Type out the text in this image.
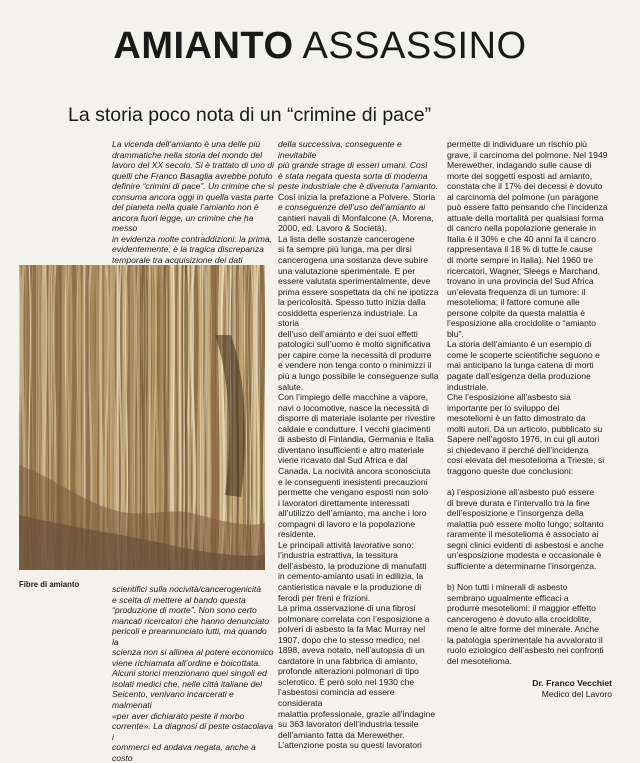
AMIANTO ASSASSINO
La storia poco nota di un “crimine di pace”

La vicenda dell’amianto è una delle più

drammatiche nella storia del mondo del

lavoro del XX secolo. Si è trattato di uno di

quelli che Franco Basaglia avrebbe potuto

definire “crimini di pace”. Un crimine che si

consuma ancora oggi in quella vasta parte

del pianeta nella quale l’amianto non è

ancora fuori legge, un crimine che ha messo

in evidenza molte contraddizioni: la prima,

evidentemente, è la tragica discrepanza

temporale tra acquisizione dei dati

Fibre di amianto	scientifici sulla nocività/cancerogenicità

e scelta di mettere al bando questa

“produzione di morte”. Non sono certo

mancati ricercatori che hanno denunciato

pericoli e preannunciato lutti, ma quando la

scienza non si allinea al potere economico

viene richiamata all’ordine e boicottata.

Alcuni storici menzionano quei singoli ed

isolati medici che, nelle città italiane del

Seicento, venivano incarcerati e malmenati

«per aver dichiarato peste il morbo

corrente». La diagnosi di peste ostacolava i

commerci ed andava negata, anche a costo

della successiva, conseguente e inevitabile

più grande strage di esseri umani. Così

è stata negata questa sorta di moderna

peste industriale che è divenuta l’amianto.

Così inizia la prefazione a Polvere. Storia

e conseguenze dell’uso dell’amianto ai

cantieri navali di Monfalcone (A. Morena,

2000, ed. Lavoro & Società).

La lista delle sostanze cancerogene

si fa sempre più lunga, ma per dirsi

cancerogena una sostanza deve subire

una valutazione sperimentale. E per

essere valutata sperimentalmente, deve

prima essere sospettata da chi ne ipotizza

la pericolosità. Spesso tutto inizia dalla

cosiddetta esperienza industriale. La storia

dell’uso dell’amianto e dei suoi effetti

patologici sull’uomo è molto significativa

per capire come la necessità di produrre

e vendere non tenga conto o minimizzi il

più a lungo possibile le conseguenze sulla

salute.

Con l’impiego delle macchine a vapore,

navi o locomotive, nasce la necessità di

disporre di materiale isolante per rivestire

caldaie e condutture. I vecchi giacimenti

di asbesto di Finlandia, Germania e Italia

diventano insufficienti e altro materiale

viene ricavato dal Sud Africa e dal

Canada. La nocività ancora sconosciuta

e le conseguenti inesistenti precauzioni

permette che vengano esposti non solo

i lavoratori direttamente interessati

all’utilizzo dell’amianto, ma anche i loro

compagni di lavoro e la popolazione

residente.

Le principali attività lavorative sono:

l’industria estrattiva, la tessitura

dell’asbesto, la produzione di manufatti

in cemento-amianto usati in edilizia, la

cantieristica navale e la produzione di

ferodi per freni e frizioni.

La prima osservazione di una fibrosi

polmonare correlata con l’esposizione a

polveri di asbesto la fa Mac Murray nel

1907, dopo che lo stesso medico, nel

1898, aveva notato, nell’autopsia di un

cardatore in una fabbrica di amianto,

profonde alterazioni polmonari di tipo

sclerotico. È però solo nel 1930 che

l’asbestosi comincia ad essere considerata

malattia professionale, grazie all’indagine

su 363 lavoratori dell’industria tessile

dell’amianto fatta da Merewether.

L’attenzione posta su questi lavoratori

permette di individuare un rischio più

grave, il carcinoma del polmone. Nel 1949

Merewether, indagando sulle cause di

morte dei soggetti esposti ad amianto,

constata che il 17% dei decessi è dovuto

al carcinoma del polmone (un paragone

può essere fatto pensando che l’incidenza

attuale della mortalità per qualsiasi forma

di cancro nella popolazione generale in

Italia è il 30% e che 40 anni fa il cancro

rappresentava il 18 % di tutte le cause

di morte sempre in Italia). Nel 1960 tre

ricercatori, Wagner, Sleegs e Marchand,

trovano in una provincia del Sud Africa

un’elevata frequenza di un tumore: il

mesotelioma; il fattore comune alle

persone colpite da questa malattia è

l’esposizione alla crocidolite o “amianto

blu”.

La storia dell’amianto è un esempio di

come le scoperte scientifiche seguono e

mai anticipano la lunga catena di morti

pagate dall’esigenza della produzione

industriale.

Che l’esposizione all’asbesto sia

importante per lo sviluppo dei

mesoteliomi è un fatto dimostrato da

molti autori. Da un articolo, pubblicato su

Sapere nell’agosto 1976, in cui gli autori

si chiedevano il perché dell’incidenza

così elevata del mesotelioma a Trieste, si

traggono queste due conclusioni:

a) l’esposizione all’asbesto può essere

di breve durata e l’intervallo tra la fine

dell’esposizione e l’insorgenza della

malattia può essere molto lungo; soltanto

raramente il mesotelioma è associato ai

segni clinici evidenti di asbestosi e anche

un’esposizione modesta e occasionale è

sufficiente a determinarne l’insorgenza.

b) Non tutti i minerali di asbesto

sembrano ugualmente efficaci a

produrre mesoteliomi: il maggior effetto

cancerogeno è dovuto alla crocidolite,

meno le altre forme del minerale. Anche

la patologia sperimentale ha avvalorato il

ruolo eziologico dell’asbesto nei confronti

del mesotelioma.

Dr. Franco Vecchiet
Medico del Lavoro
